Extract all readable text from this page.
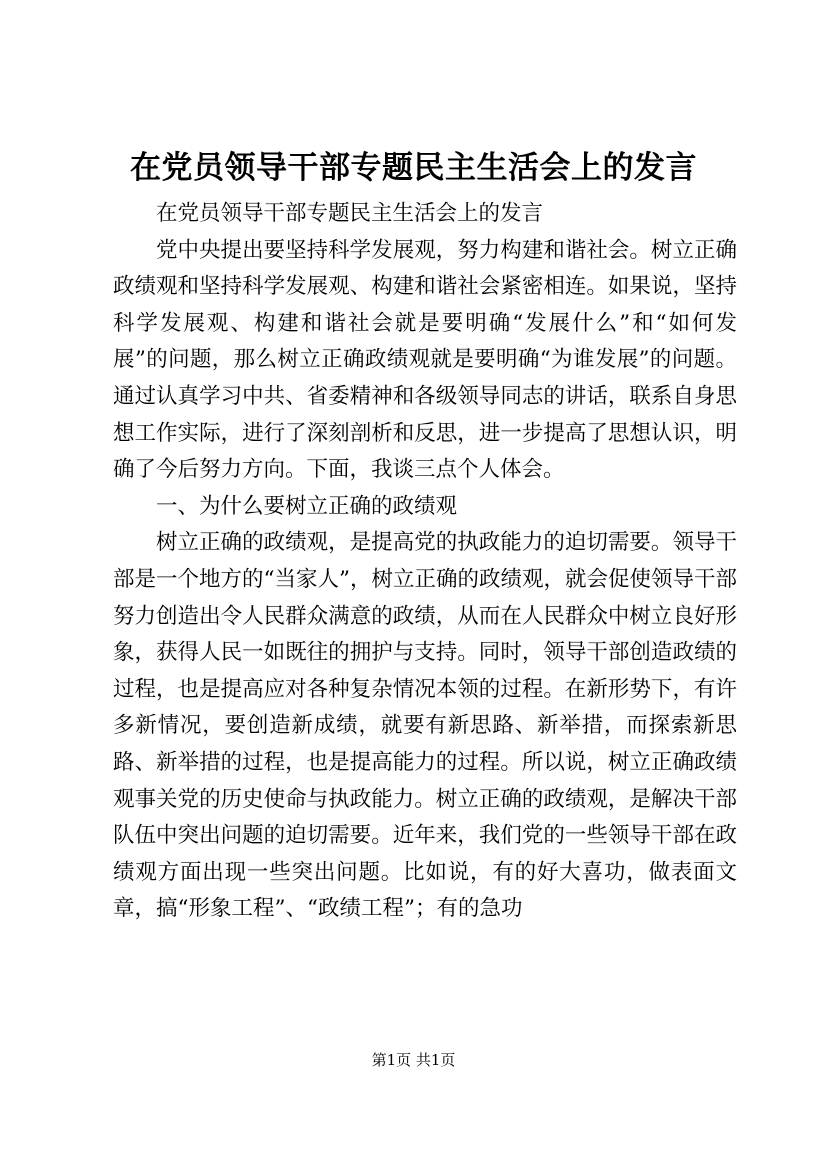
在党员领导干部专题民主生活会上的发言

在党员领导干部专题民主生活会上的发言

党中央提出要坚持科学发展观，努力构建和谐社会。树立正确政绩观和坚持科学发展观、构建和谐社会紧密相连。如果说，坚持科学发展观、构建和谐社会就是要明确“发展什么”和“如何发展”的问题，那么树立正确政绩观就是要明确“为谁发展”的问题。通过认真学习中共、省委精神和各级领导同志的讲话，联系自身思想工作实际，进行了深刻剖析和反思，进一步提高了思想认识，明确了今后努力方向。下面，我谈三点个人体会。

一、为什么要树立正确的政绩观

树立正确的政绩观，是提高党的执政能力的迫切需要。领导干部是一个地方的“当家人”，树立正确的政绩观，就会促使领导干部努力创造出令人民群众满意的政绩，从而在人民群众中树立良好形象，获得人民一如既往的拥护与支持。同时，领导干部创造政绩的过程，也是提高应对各种复杂情况本领的过程。在新形势下，有许多新情况，要创造新成绩，就要有新思路、新举措，而探索新思路、新举措的过程，也是提高能力的过程。所以说，树立正确政绩观事关党的历史使命与执政能力。树立正确的政绩观，是解决干部队伍中突出问题的迫切需要。近年来，我们党的一些领导干部在政绩观方面出现一些突出问题。比如说，有的好大喜功，做表面文章，搞“形象工程”、“政绩工程”；有的急功

第1页 共1页
